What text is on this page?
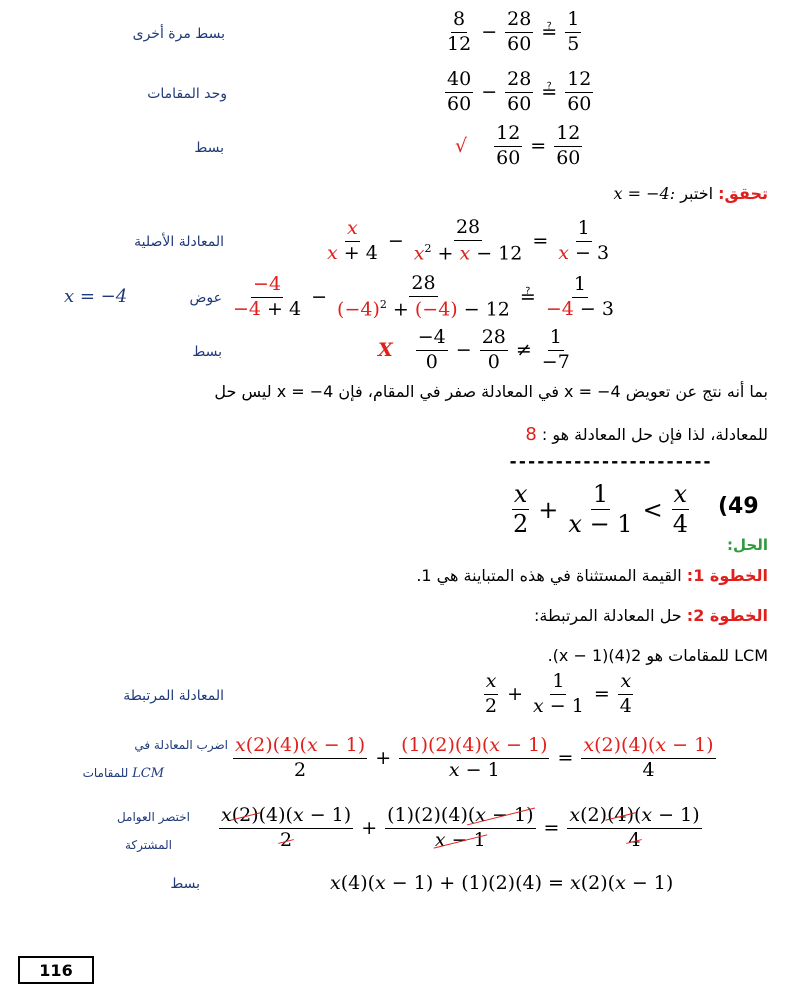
بسط مرة أخرى	$\frac{8}{12} - \frac{28}{60}$ ≟ $\frac{1}{5}$
وحد المقامات	$\frac{40}{60} - \frac{28}{60}$ ≟ $\frac{12}{60}$
بسط	√ $\frac{12}{60} = \frac{12}{60}$
تحقق: اختبر x = −4:
المعادلة الأصلية	$\frac{x}{x + 4} - \frac{28}{x^2 + x - 12} = \frac{1}{x - 3}$
عوض
x = −4	$\frac{-4}{-4 + 4} - \frac{28}{(-4)^2 + (-4) - 12}$ ≟ $\frac{1}{-4 - 3}$
بسط	X $\frac{-4}{0} - \frac{28}{0} \ne \frac{1}{-7}$
بما أنه نتج عن تعويض x = −4 في المعادلة صفر في المقام، فإن x = −4 ليس حل
للمعادلة، لذا فإن حل المعادلة هو : 8
----------------------
$\frac{x}{2} + \frac{1}{x - 1} < \frac{x}{4} (49$
الحل:
الخطوة 1: القيمة المستثناة في هذه المتباينة هي 1.
الخطوة 2: حل المعادلة المرتبطة:
LCM للمقامات هو 2(4)(x − 1).
المعادلة المرتبطة	$\frac{x}{2} + \frac{1}{x - 1} = \frac{x}{4}$
اضرب المعادلة في
LCM للمقامات	$\frac{x(2)(4)(x - 1)}{2} + \frac{(1)(2)(4)(x - 1)}{x - 1} = \frac{x(2)(4)(x - 1)}{4}$
اختصر العوامل
المشتركة $\frac{x(2)(4)(x - 1)}{2} + \frac{(1)(2)(4)(x - 1)}{x - 1} = \frac{x(2)(4)(x - 1)}{4}$
بسط	x(4)(x − 1) + (1)(2)(4) = x(2)(x − 1)
116
